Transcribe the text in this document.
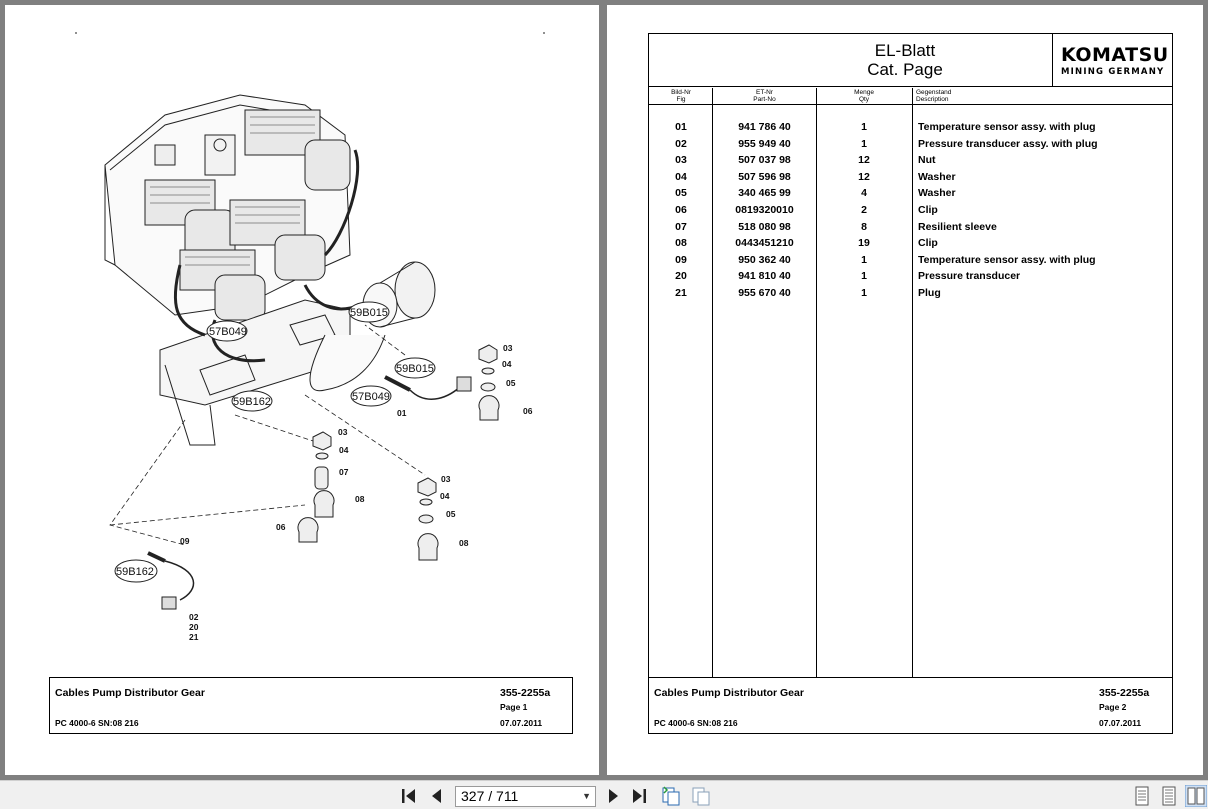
57B049
59B015
59B015
57B049
59B162
59B162
03
04
05
06
01
03
04
07
08
06
03
04
05
08
09
02
20
21
Cables Pump Distributor Gear
PC 4000-6 SN:08 216
355-2255a
Page 1
07.07.2011
EL-Blatt
Cat. Page
KOMATSU
MINING GERMANY
Bild-Nr
Fig
ET-Nr
Part-No
Menge
Qty
Gegenstand
Description
01	941 786 40	1	Temperature sensor assy. with plug
02	955 949 40	1	Pressure transducer assy. with plug
03	507 037 98	12	Nut
04	507 596 98	12	Washer
05	340 465 99	4	Washer
06	0819320010	2	Clip
07	518 080 98	8	Resilient sleeve
08	0443451210	19	Clip
09	950 362 40	1	Temperature sensor assy. with plug
20	941 810 40	1	Pressure transducer
21	955 670 40	1	Plug
Cables Pump Distributor Gear
PC 4000-6 SN:08 216
355-2255a
Page 2
07.07.2011
327 / 711	▼
